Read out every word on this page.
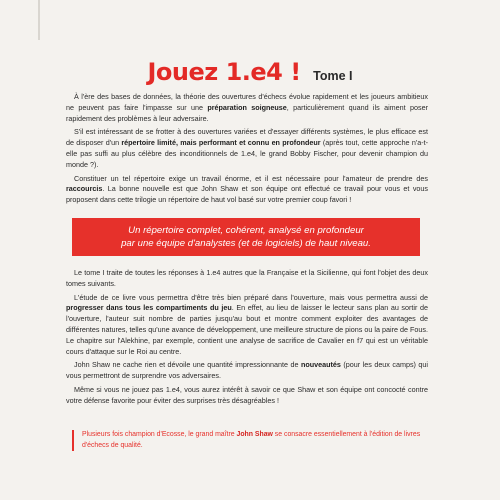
Jouez 1.e4 ! Tome I

À l'ère des bases de données, la théorie des ouvertures d'échecs évolue rapidement et les joueurs ambitieux ne peuvent pas faire l'impasse sur une préparation soigneuse, particulièrement quand ils aiment poser rapidement des problèmes à leur adversaire.

S'il est intéressant de se frotter à des ouvertures variées et d'essayer différents systèmes, le plus efficace est de disposer d'un répertoire limité, mais performant et connu en profondeur (après tout, cette approche n'a-t-elle pas suffi au plus célèbre des inconditionnels de 1.e4, le grand Bobby Fischer, pour devenir champion du monde ?).

Constituer un tel répertoire exige un travail énorme, et il est nécessaire pour l'amateur de prendre des raccourcis. La bonne nouvelle est que John Shaw et son équipe ont effectué ce travail pour vous et vous proposent dans cette trilogie un répertoire de haut vol basé sur votre premier coup favori !

Un répertoire complet, cohérent, analysé en profondeur
par une équipe d'analystes (et de logiciels) de haut niveau.

Le tome I traite de toutes les réponses à 1.e4 autres que la Française et la Sicilienne, qui font l'objet des deux tomes suivants.

L'étude de ce livre vous permettra d'être très bien préparé dans l'ouverture, mais vous permettra aussi de progresser dans tous les compartiments du jeu. En effet, au lieu de laisser le lecteur sans plan au sortir de l'ouverture, l'auteur suit nombre de parties jusqu'au bout et montre comment exploiter des avantages de différentes natures, telles qu'une avance de développement, une meilleure structure de pions ou la paire de Fous. Le chapitre sur l'Alekhine, par exemple, contient une analyse de sacrifice de Cavalier en f7 qui est un véritable cours d'attaque sur le Roi au centre.

John Shaw ne cache rien et dévoile une quantité impressionnante de nouveautés (pour les deux camps) qui vous permettront de surprendre vos adversaires.

Même si vous ne jouez pas 1.e4, vous aurez intérêt à savoir ce que Shaw et son équipe ont concocté contre votre défense favorite pour éviter des surprises très désagréables !

Plusieurs fois champion d'Ecosse, le grand maître John Shaw se consacre essentiellement à l'édition de livres d'échecs de qualité.
